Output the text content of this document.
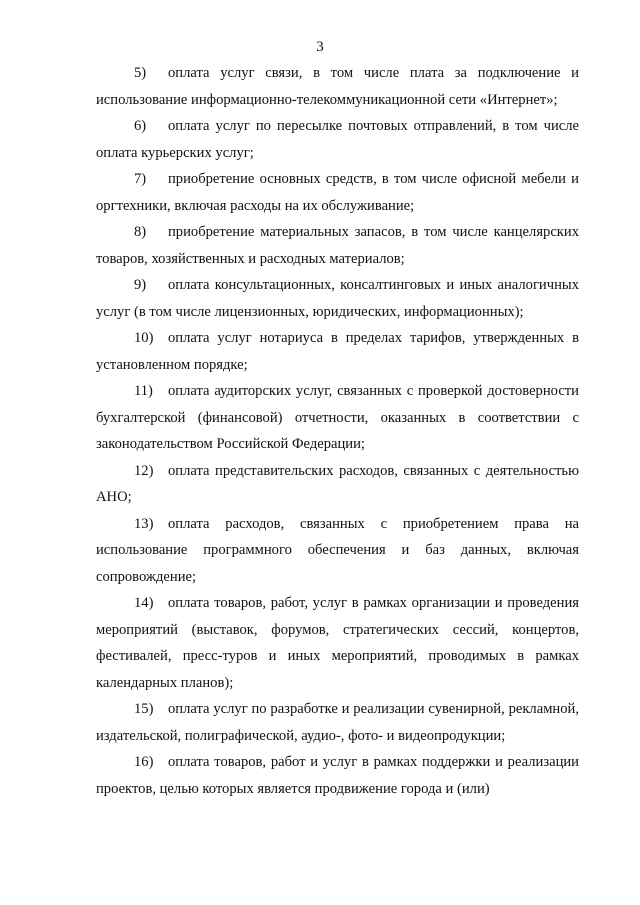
3

5) оплата услуг связи, в том числе плата за подключение и использование информационно-телекоммуникационной сети «Интернет»;

6) оплата услуг по пересылке почтовых отправлений, в том числе оплата курьерских услуг;

7) приобретение основных средств, в том числе офисной мебели и оргтехники, включая расходы на их обслуживание;

8) приобретение материальных запасов, в том числе канцелярских товаров, хозяйственных и расходных материалов;

9) оплата консультационных, консалтинговых и иных аналогичных услуг (в том числе лицензионных, юридических, информационных);

10) оплата услуг нотариуса в пределах тарифов, утвержденных в установленном порядке;

11) оплата аудиторских услуг, связанных с проверкой достоверности бухгалтерской (финансовой) отчетности, оказанных в соответствии с законодательством Российской Федерации;

12) оплата представительских расходов, связанных с деятельностью АНО;

13) оплата расходов, связанных с приобретением права на использование программного обеспечения и баз данных, включая сопровождение;

14) оплата товаров, работ, услуг в рамках организации и проведения мероприятий (выставок, форумов, стратегических сессий, концертов, фестивалей, пресс-туров и иных мероприятий, проводимых в рамках календарных планов);

15) оплата услуг по разработке и реализации сувенирной, рекламной, издательской, полиграфической, аудио-, фото- и видеопродукции;

16) оплата товаров, работ и услуг в рамках поддержки и реализации проектов, целью которых является продвижение города и (или)
